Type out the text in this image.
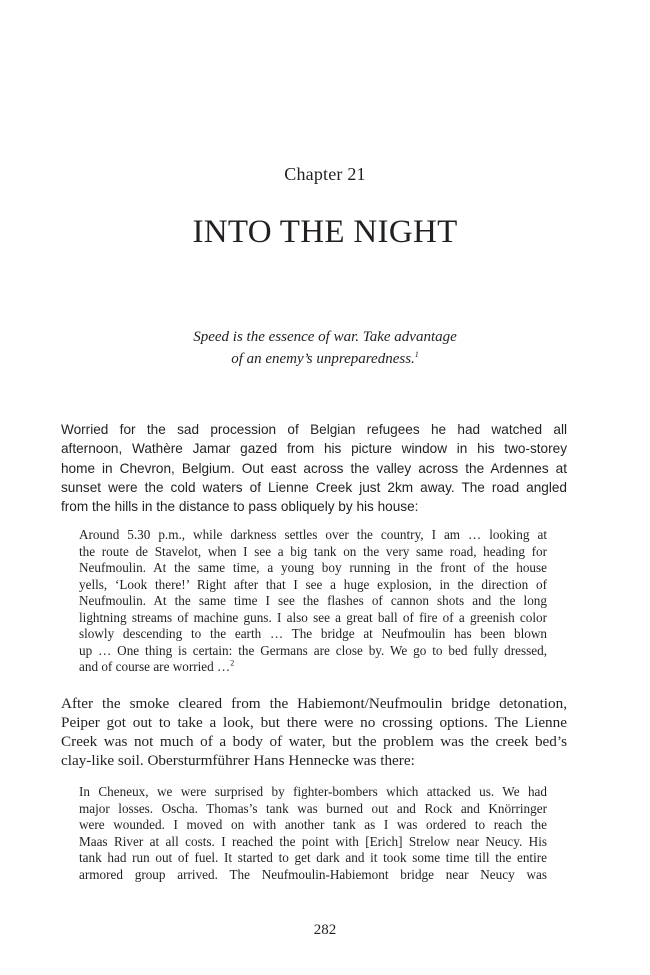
Chapter 21
INTO THE NIGHT
Speed is the essence of war. Take advantage
of an enemy’s unpreparedness.$^1$
Worried for the sad procession of Belgian refugees he had watched all
afternoon, Wathère Jamar gazed from his picture window in his two-storey
home in Chevron, Belgium. Out east across the valley across the Ardennes at
sunset were the cold waters of Lienne Creek just 2km away. The road angled
from the hills in the distance to pass obliquely by his house:
Around 5.30 p.m., while darkness settles over the country, I am … looking at
the route de Stavelot, when I see a big tank on the very same road, heading for
Neufmoulin. At the same time, a young boy running in the front of the house
yells, ‘Look there!’ Right after that I see a huge explosion, in the direction of
Neufmoulin. At the same time I see the flashes of cannon shots and the long
lightning streams of machine guns. I also see a great ball of fire of a greenish color
slowly descending to the earth … The bridge at Neufmoulin has been blown
up … One thing is certain: the Germans are close by. We go to bed fully dressed,
and of course are worried …$^2$
After the smoke cleared from the Habiemont/Neufmoulin bridge detonation,
Peiper got out to take a look, but there were no crossing options. The Lienne
Creek was not much of a body of water, but the problem was the creek bed’s
clay-like soil. Obersturmführer Hans Hennecke was there:
In Cheneux, we were surprised by fighter-bombers which attacked us. We had
major losses. Oscha. Thomas’s tank was burned out and Rock and Knörringer
were wounded. I moved on with another tank as I was ordered to reach the
Maas River at all costs. I reached the point with [Erich] Strelow near Neucy. His
tank had run out of fuel. It started to get dark and it took some time till the entire
armored group arrived. The Neufmoulin-Habiemont bridge near Neucy was
282
